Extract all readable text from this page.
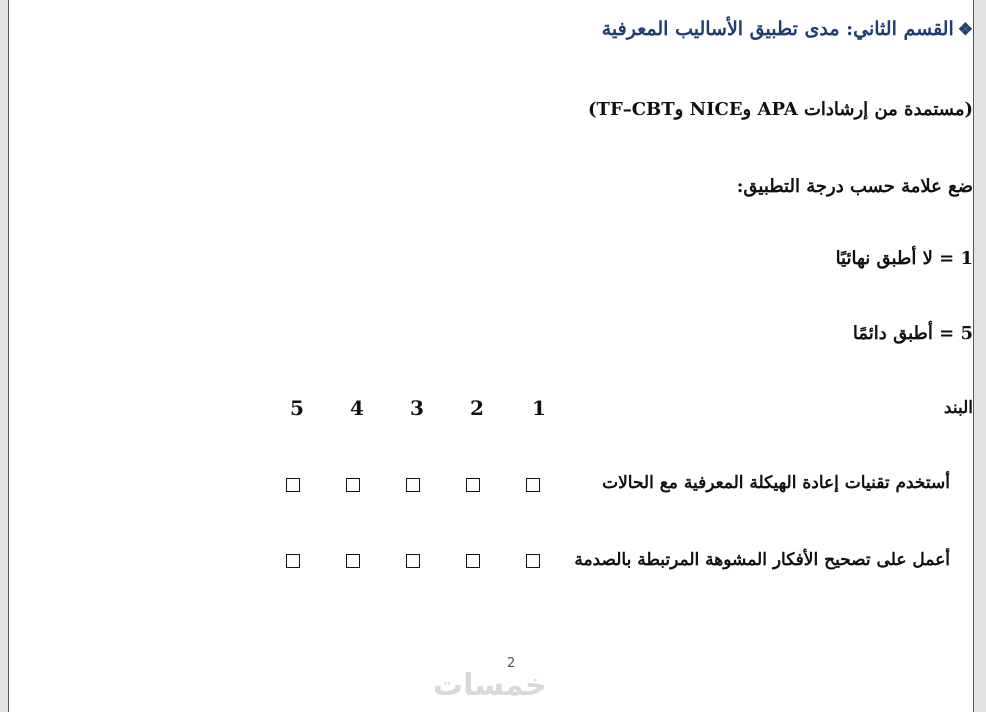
❖القسم الثاني: مدى تطبيق الأساليب المعرفية
(مستمدة من إرشادات APA وNICE وTF–CBT)
ضع علامة حسب درجة التطبيق:
1 = لا أطبق نهائيًا
5 = أطبق دائمًا
البند
1
2
3
4
5
أستخدم تقنيات إعادة الهيكلة المعرفية مع الحالات
أعمل على تصحيح الأفكار المشوهة المرتبطة بالصدمة
2
خمسات
